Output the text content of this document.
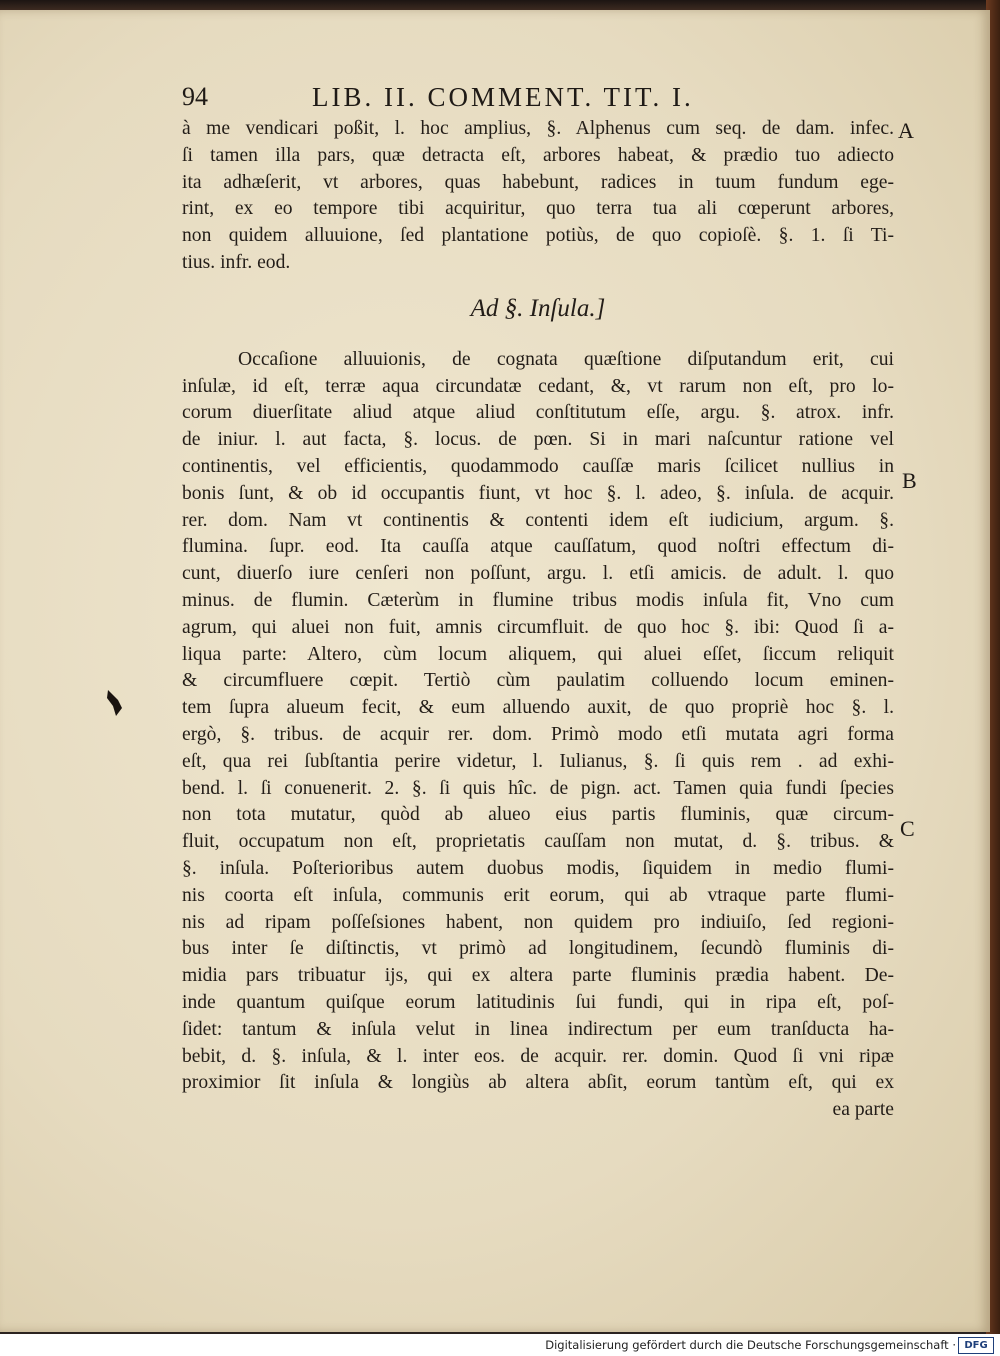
94	LIB. II. COMMENT. TIT. I.
A
B
C
à me vendicari poßit, l. hoc amplius, §. Alphenus cum seq. de dam. infec.
ſi tamen illa pars, quæ detracta eſt, arbores habeat, & prædio tuo adiecto
ita adhæſerit, vt arbores, quas habebunt, radices in tuum fundum ege-
rint, ex eo tempore tibi acquiritur, quo terra tua ali cœperunt arbores,
non quidem alluuione, ſed plantatione potiùs, de quo copioſè. §. 1. ſi Ti-
tius. infr. eod.
Ad §. Inſula.]
Occaſione alluuionis, de cognata quæſtione diſputandum erit, cui
inſulæ, id eſt, terræ aqua circundatæ cedant, &, vt rarum non eſt, pro lo-
corum diuerſitate aliud atque aliud conſtitutum eſſe, argu. §. atrox. infr.
de iniur. l. aut facta, §. locus. de pœn. Si in mari naſcuntur ratione vel
continentis, vel efficientis, quodammodo cauſſæ maris ſcilicet nullius in
bonis ſunt, & ob id occupantis fiunt, vt hoc §. l. adeo, §. inſula. de acquir.
rer. dom. Nam vt continentis & contenti idem eſt iudicium, argum. §.
flumina. ſupr. eod. Ita cauſſa atque cauſſatum, quod noſtri effectum di-
cunt, diuerſo iure cenſeri non poſſunt, argu. l. etſi amicis. de adult. l. quo
minus. de flumin. Cæterùm in flumine tribus modis inſula fit, Vno cum
agrum, qui aluei non fuit, amnis circumfluit. de quo hoc §. ibi: Quod ſi a-
liqua parte: Altero, cùm locum aliquem, qui aluei eſſet, ſiccum reliquit
& circumfluere cœpit. Tertiò cùm paulatim colluendo locum eminen-
tem ſupra alueum fecit, & eum alluendo auxit, de quo propriè hoc §. l.
ergò, §. tribus. de acquir rer. dom. Primò modo etſi mutata agri forma
eſt, qua rei ſubſtantia perire videtur, l. Iulianus, §. ſi quis rem . ad exhi-
bend. l. ſi conuenerit. 2. §. ſi quis hîc. de pign. act. Tamen quia fundi ſpecies
non tota mutatur, quòd ab alueo eius partis fluminis, quæ circum-
fluit, occupatum non eſt, proprietatis cauſſam non mutat, d. §. tribus. &
§. inſula. Poſterioribus autem duobus modis, ſiquidem in medio flumi-
nis coorta eſt inſula, communis erit eorum, qui ab vtraque parte flumi-
nis ad ripam poſſeſsiones habent, non quidem pro indiuiſo, ſed regioni-
bus inter ſe diſtinctis, vt primò ad longitudinem, ſecundò fluminis di-
midia pars tribuatur ijs, qui ex altera parte fluminis prædia habent. De-
inde quantum quiſque eorum latitudinis ſui fundi, qui in ripa eſt, poſ-
ſidet: tantum & inſula velut in linea indirectum per eum tranſducta ha-
bebit, d. §. inſula, & l. inter eos. de acquir. rer. domin. Quod ſi vni ripæ
proximior ſit inſula & longiùs ab altera abſit, eorum tantùm eſt, qui ex
ea parte
Digitalisierung gefördert durch die Deutsche Forschungsgemeinschaft · DFG
